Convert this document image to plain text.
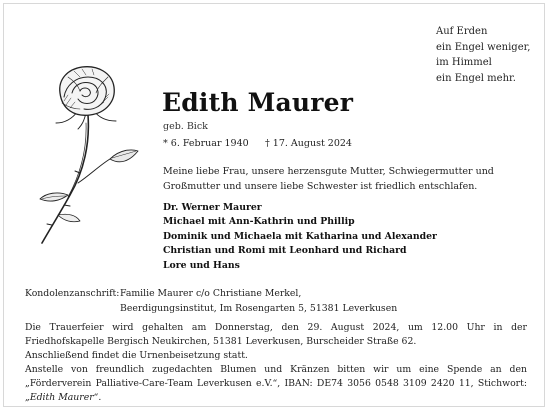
Auf Erden
ein Engel weniger,
im Himmel
ein Engel mehr.
Edith Maurer
geb. Bick
* 6. Februar 1940 † 17. August 2024
Meine liebe Frau, unsere herzensgute Mutter, Schwiegermutter und Großmutter und unsere liebe Schwester ist friedlich entschlafen.
Dr. Werner Maurer
Michael mit Ann-Kathrin und Phillip
Dominik und Michaela mit Katharina und Alexander
Christian und Romi mit Leonhard und Richard
Lore und Hans
Kondolenzanschrift: Familie Maurer c/o Christiane Merkel,
Beerdigungsinstitut, Im Rosengarten 5, 51381 Leverkusen

Die Trauerfeier wird gehalten am Donnerstag, den 29. August 2024, um 12.00 Uhr in der Friedhofskapelle Bergisch Neukirchen, 51381 Leverkusen, Burscheider Straße 62.

Anschließend findet die Urnenbeisetzung statt.

Anstelle von freundlich zugedachten Blumen und Kränzen bitten wir um eine Spende an den „Förderverein Palliative-Care-Team Leverkusen e.V.“, IBAN: DE74 3056 0548 3109 2420 11, Stichwort: „Edith Maurer“.
